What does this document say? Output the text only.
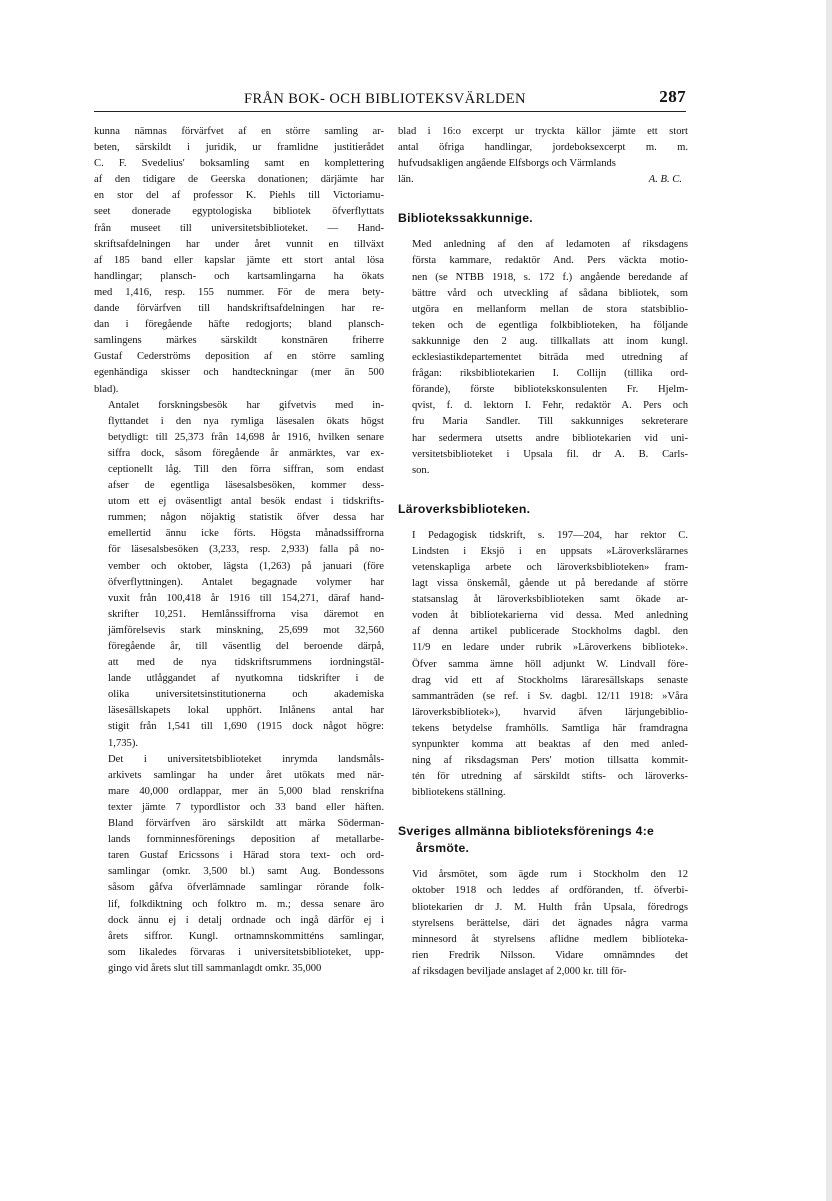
FRÅN BOK- OCH BIBLIOTEKSVÄRLDEN	287

kunna nämnas förvärfvet af en större samling ar-
beten, särskildt i juridik, ur framlidne justitierådet
C. F. Svedelius' boksamling samt en komplettering
af den tidigare de Geerska donationen; därjämte har
en stor del af professor K. Piehls till Victoriamu-
seet donerade egyptologiska bibliotek öfverflyttats
från museet till universitetsbiblioteket. — Hand-
skriftsafdelningen har under året vunnit en tillväxt
af 185 band eller kapslar jämte ett stort antal lösa
handlingar; plansch- och kartsamlingarna ha ökats
med 1,416, resp. 155 nummer. För de mera bety-
dande förvärfven till handskriftsafdelningen har re-
dan i föregående häfte redogjorts; bland plansch-
samlingens märkes särskildt konstnären friherre
Gustaf Cederströms deposition af en större samling
egenhändiga skisser och handteckningar (mer än 500
blad).

Antalet forskningsbesök har gifvetvis med in-
flyttandet i den nya rymliga läsesalen ökats högst
betydligt: till 25,373 från 14,698 år 1916, hvilken senare
siffra dock, såsom föregående år anmärktes, var ex-
ceptionellt låg. Till den förra siffran, som endast
afser de egentliga läsesalsbesöken, kommer dess-
utom ett ej oväsentligt antal besök endast i tidskrifts-
rummen; någon nöjaktig statistik öfver dessa har
emellertid ännu icke förts. Högsta månadssiffrorna
för läsesalsbesöken (3,233, resp. 2,933) falla på no-
vember och oktober, lägsta (1,263) på januari (före
öfverflyttningen). Antalet begagnade volymer har
vuxit från 100,418 år 1916 till 154,271, däraf hand-
skrifter 10,251. Hemlånssiffrorna visa däremot en
jämförelsevis stark minskning, 25,699 mot 32,560
föregående år, till väsentlig del beroende därpå,
att med de nya tidskriftsrummens iordningstäl-
lande utlåggandet af nyutkomna tidskrifter i de
olika universitetsinstitutionerna och akademiska
läsesällskapets lokal upphört. Inlånens antal har
stigit från 1,541 till 1,690 (1915 dock något högre:
1,735).

Det i universitetsbiblioteket inrymda landsmåls-
arkivets samlingar ha under året utökats med när-
mare 40,000 ordlappar, mer än 5,000 blad renskrifna
texter jämte 7 typordlistor och 33 band eller häften.
Bland förvärfven äro särskildt att märka Söderman-
lands fornminnesförenings deposition af metallarbe-
taren Gustaf Ericssons i Härad stora text- och ord-
samlingar (omkr. 3,500 bl.) samt Aug. Bondessons
såsom gåfva öfverlämnade samlingar rörande folk-
lif, folkdiktning och folktro m. m.; dessa senare äro
dock ännu ej i detalj ordnade och ingå därför ej i
årets siffror. Kungl. ortnamnskommitténs samlingar,
som likaledes förvaras i universitetsbiblioteket, upp-
gingo vid årets slut till sammanlagdt omkr. 35,000

blad i 16:o excerpt ur tryckta källor jämte ett stort
antal öfriga handlingar, jordeboksexcerpt m. m.
hufvudsakligen angående Elfsborgs och Värmlands

län.	A. B. C.
Bibliotekssakkunnige.

Med anledning af den af ledamoten af riksdagens
första kammare, redaktör And. Pers väckta motio-
nen (se NTBB 1918, s. 172 f.) angående beredande af
bättre vård och utveckling af sådana bibliotek, som
utgöra en mellanform mellan de stora statsbiblio-
teken och de egentliga folkbiblioteken, ha följande
sakkunnige den 2 aug. tillkallats att inom kungl.
ecklesiastikdepartementet biträda med utredning af
frågan: riksbibliotekarien I. Collijn (tillika ord-
förande), förste bibliotekskonsulenten Fr. Hjelm-
qvist, f. d. lektorn I. Fehr, redaktör A. Pers och
fru Maria Sandler. Till sakkunniges sekreterare
har sedermera utsetts andre bibliotekarien vid uni-
versitetsbiblioteket i Upsala fil. dr A. B. Carls-
son.

Läroverksbiblioteken.

I Pedagogisk tidskrift, s. 197—204, har rektor C.
Lindsten i Eksjö i en uppsats »Läroverkslärarnes
vetenskapliga arbete och läroverksbiblioteken» fram-
lagt vissa önskemål, gående ut på beredande af större
statsanslag åt läroverksbiblioteken samt ökade ar-
voden åt bibliotekarierna vid dessa. Med anledning
af denna artikel publicerade Stockholms dagbl. den
11/9 en ledare under rubrik »Läroverkens bibliotek».
Öfver samma ämne höll adjunkt W. Lindvall före-
drag vid ett af Stockholms läraresällskaps senaste
sammanträden (se ref. i Sv. dagbl. 12/11 1918: »Våra
läroverksbibliotek»), hvarvid äfven lärjungebiblio-
tekens betydelse framhölls. Samtliga här framdragna
synpunkter komma att beaktas af den med anled-
ning af riksdagsman Pers' motion tillsatta kommit-
tén för utredning af särskildt stifts- och läroverks-
bibliotekens ställning.

Sveriges allmänna biblioteksförenings 4:e

årsmöte.

Vid årsmötet, som ägde rum i Stockholm den 12
oktober 1918 och leddes af ordföranden, tf. öfverbi-
bliotekarien dr J. M. Hulth från Upsala, föredrogs
styrelsens berättelse, däri det ägnades några varma
minnesord åt styrelsens aflidne medlem biblioteka-
rien Fredrik Nilsson. Vidare omnämndes det
af riksdagen beviljade anslaget af 2,000 kr. till för-
